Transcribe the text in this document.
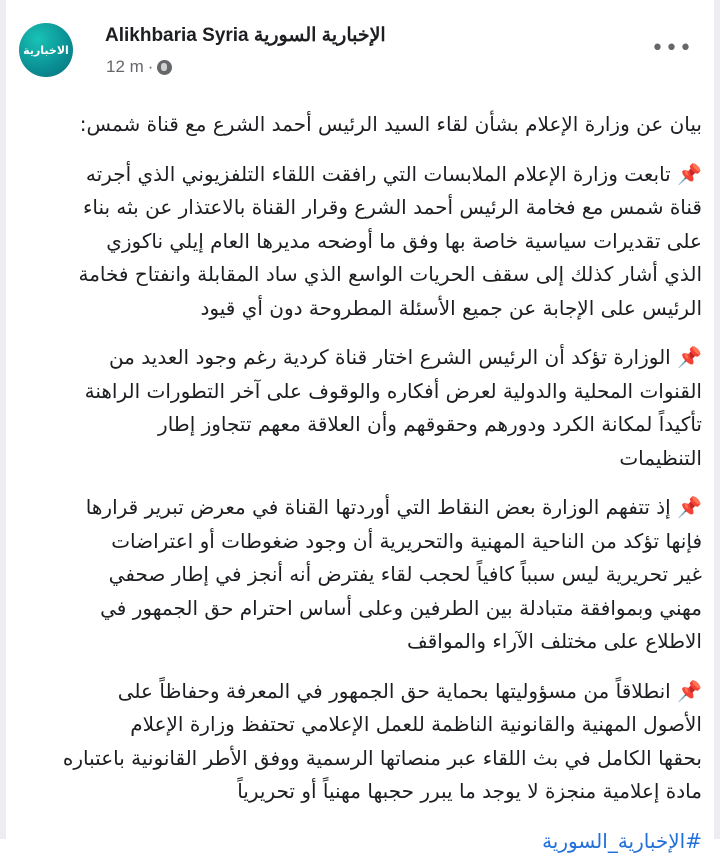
الاخبارية
Alikhbaria Syria الإخبارية السورية
12 m ·
•••
بيان عن وزارة الإعلام بشأن لقاء السيد الرئيس أحمد الشرع مع قناة شمس:
📌 تابعت وزارة الإعلام الملابسات التي رافقت اللقاء التلفزيوني الذي أجرته
قناة شمس مع فخامة الرئيس أحمد الشرع وقرار القناة بالاعتذار عن بثه بناء
على تقديرات سياسية خاصة بها وفق ما أوضحه مديرها العام إيلي ناكوزي
الذي أشار كذلك إلى سقف الحريات الواسع الذي ساد المقابلة وانفتاح فخامة
الرئيس على الإجابة عن جميع الأسئلة المطروحة دون أي قيود
📌 الوزارة تؤكد أن الرئيس الشرع اختار قناة كردية رغم وجود العديد من
القنوات المحلية والدولية لعرض أفكاره والوقوف على آخر التطورات الراهنة
تأكيداً لمكانة الكرد ودورهم وحقوقهم وأن العلاقة معهم تتجاوز إطار
التنظيمات
📌 إذ تتفهم الوزارة بعض النقاط التي أوردتها القناة في معرض تبرير قرارها
فإنها تؤكد من الناحية المهنية والتحريرية أن وجود ضغوطات أو اعتراضات
غير تحريرية ليس سبباً كافياً لحجب لقاء يفترض أنه أنجز في إطار صحفي
مهني وبموافقة متبادلة بين الطرفين وعلى أساس احترام حق الجمهور في
الاطلاع على مختلف الآراء والمواقف
📌 انطلاقاً من مسؤوليتها بحماية حق الجمهور في المعرفة وحفاظاً على
الأصول المهنية والقانونية الناظمة للعمل الإعلامي تحتفظ وزارة الإعلام
بحقها الكامل في بث اللقاء عبر منصاتها الرسمية ووفق الأطر القانونية باعتباره
مادة إعلامية منجزة لا يوجد ما يبرر حجبها مهنياً أو تحريرياً
#الإخبارية_السورية
